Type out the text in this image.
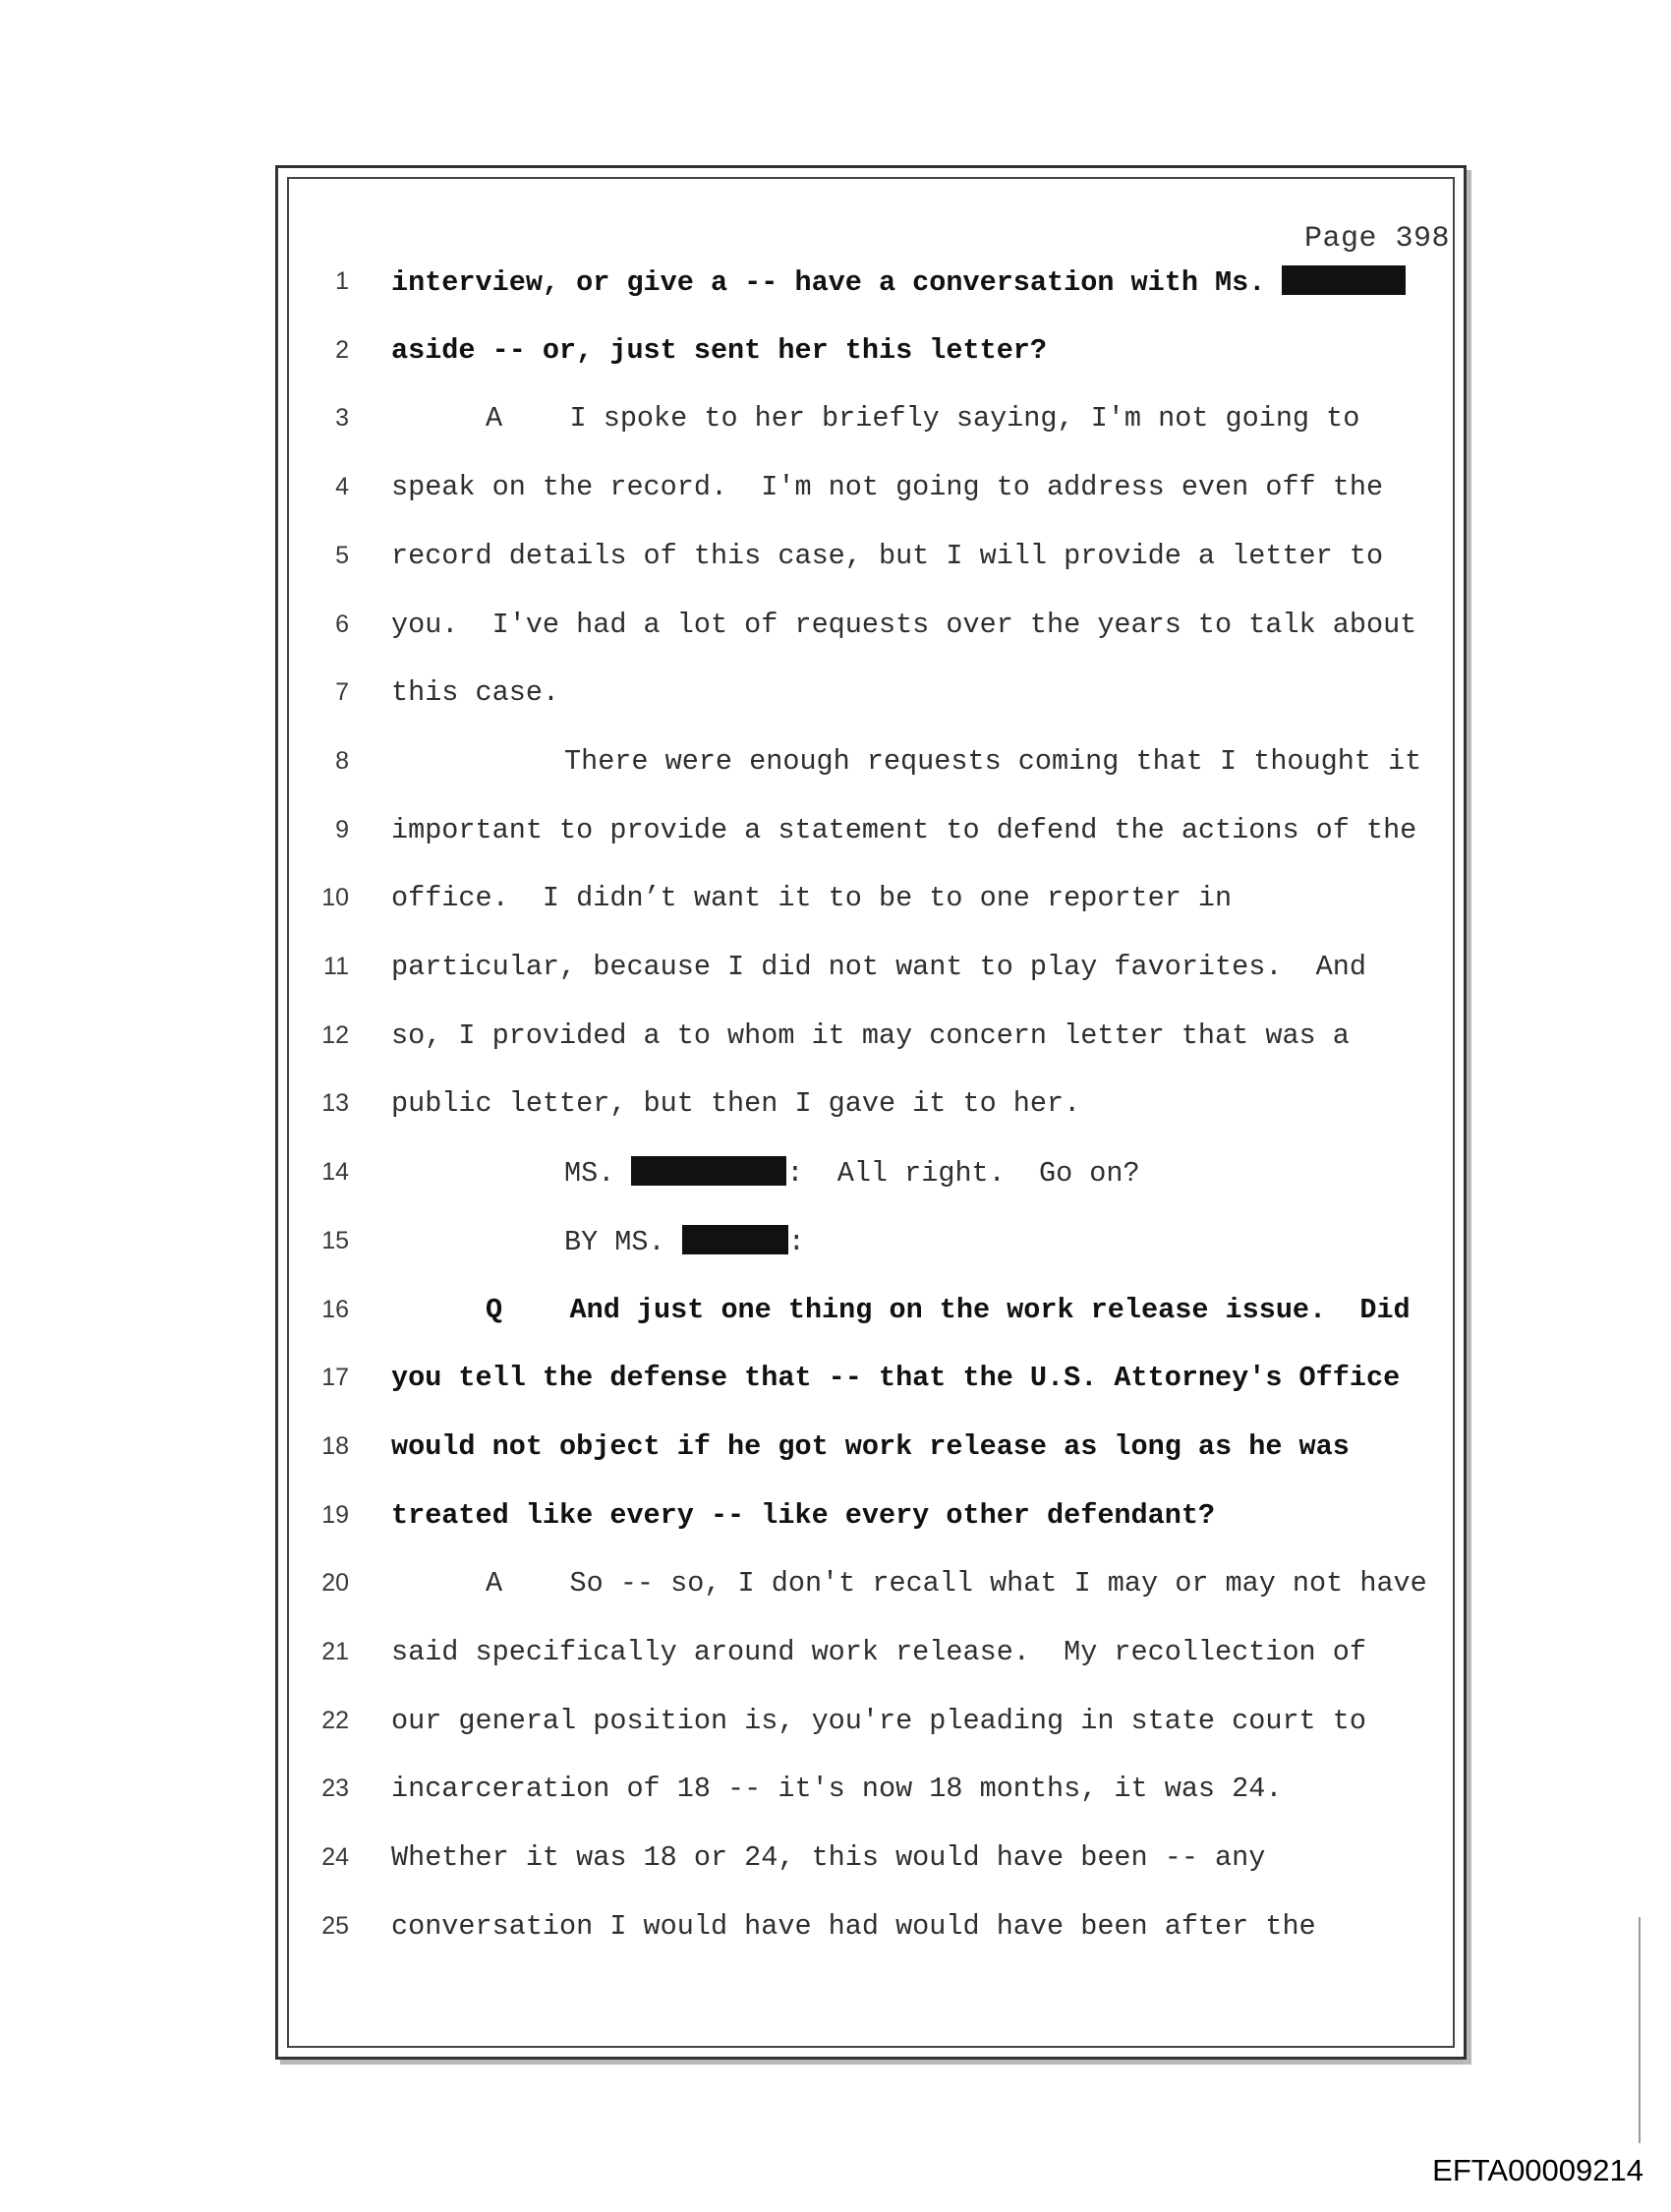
Page 398
1 interview, or give a -- have a conversation with Ms.
2 aside -- or, just sent her this letter?
3	A    I spoke to her briefly saying, I'm not going to
4 speak on the record.  I'm not going to address even off the
5 record details of this case, but I will provide a letter to
6 you.  I've had a lot of requests over the years to talk about
7 this case.
8	There were enough requests coming that I thought it
9 important to provide a statement to defend the actions of the
10 office.  I didn’t want it to be to one reporter in
11 particular, because I did not want to play favorites.  And
12 so, I provided a to whom it may concern letter that was a
13 public letter, but then I gave it to her.
14	MS.	:  All right.  Go on?
15	BY MS.	:
16	Q    And just one thing on the work release issue.  Did
17 you tell the defense that -- that the U.S. Attorney's Office
18 would not object if he got work release as long as he was
19 treated like every -- like every other defendant?
20	A    So -- so, I don't recall what I may or may not have
21 said specifically around work release.  My recollection of
22 our general position is, you're pleading in state court to
23 incarceration of 18 -- it's now 18 months, it was 24.
24 Whether it was 18 or 24, this would have been -- any
25 conversation I would have had would have been after the
EFTA00009214
